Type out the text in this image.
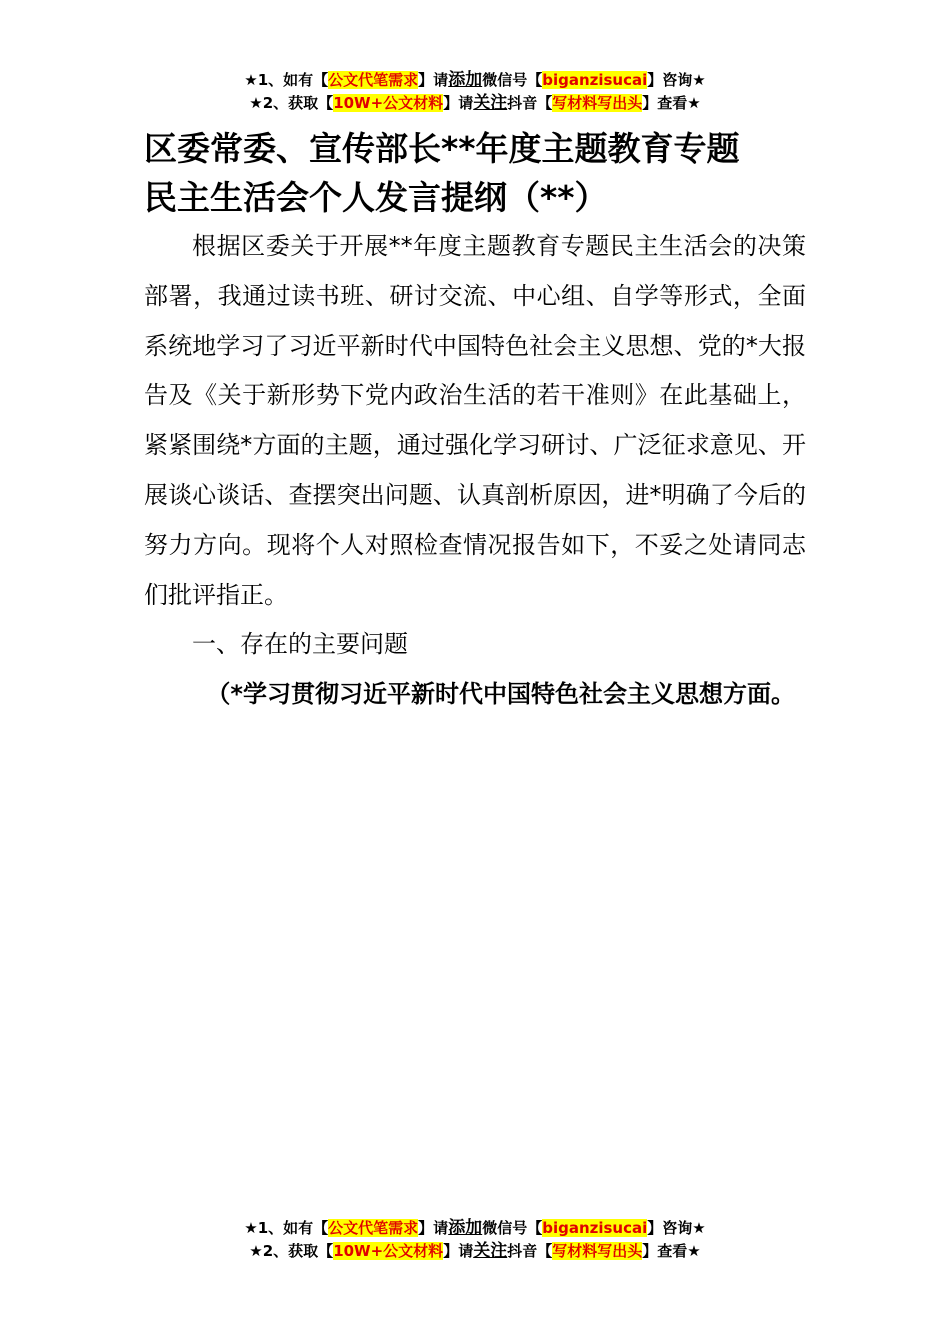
★1、如有【公文代笔需求】请添加微信号【biganzisucai】咨询★
★2、获取【10W+公文材料】请关注抖音【写材料写出头】查看★
区委常委、宣传部长**年度主题教育专题
民主生活会个人发言提纲（**）

根据区委关于开展**年度主题教育专题民主生活会的决策部署，我通过读书班、研讨交流、中心组、自学等形式，全面系统地学习了习近平新时代中国特色社会主义思想、党的*大报告及《关于新形势下党内政治生活的若干准则》在此基础上，紧紧围绕*方面的主题，通过强化学习研讨、广泛征求意见、开展谈心谈话、查摆突出问题、认真剖析原因，进*明确了今后的努力方向。现将个人对照检查情况报告如下，不妥之处请同志们批评指正。

一、存在的主要问题

（*学习贯彻习近平新时代中国特色社会主义思想方面。

★1、如有【公文代笔需求】请添加微信号【biganzisucai】咨询★
★2、获取【10W+公文材料】请关注抖音【写材料写出头】查看★
